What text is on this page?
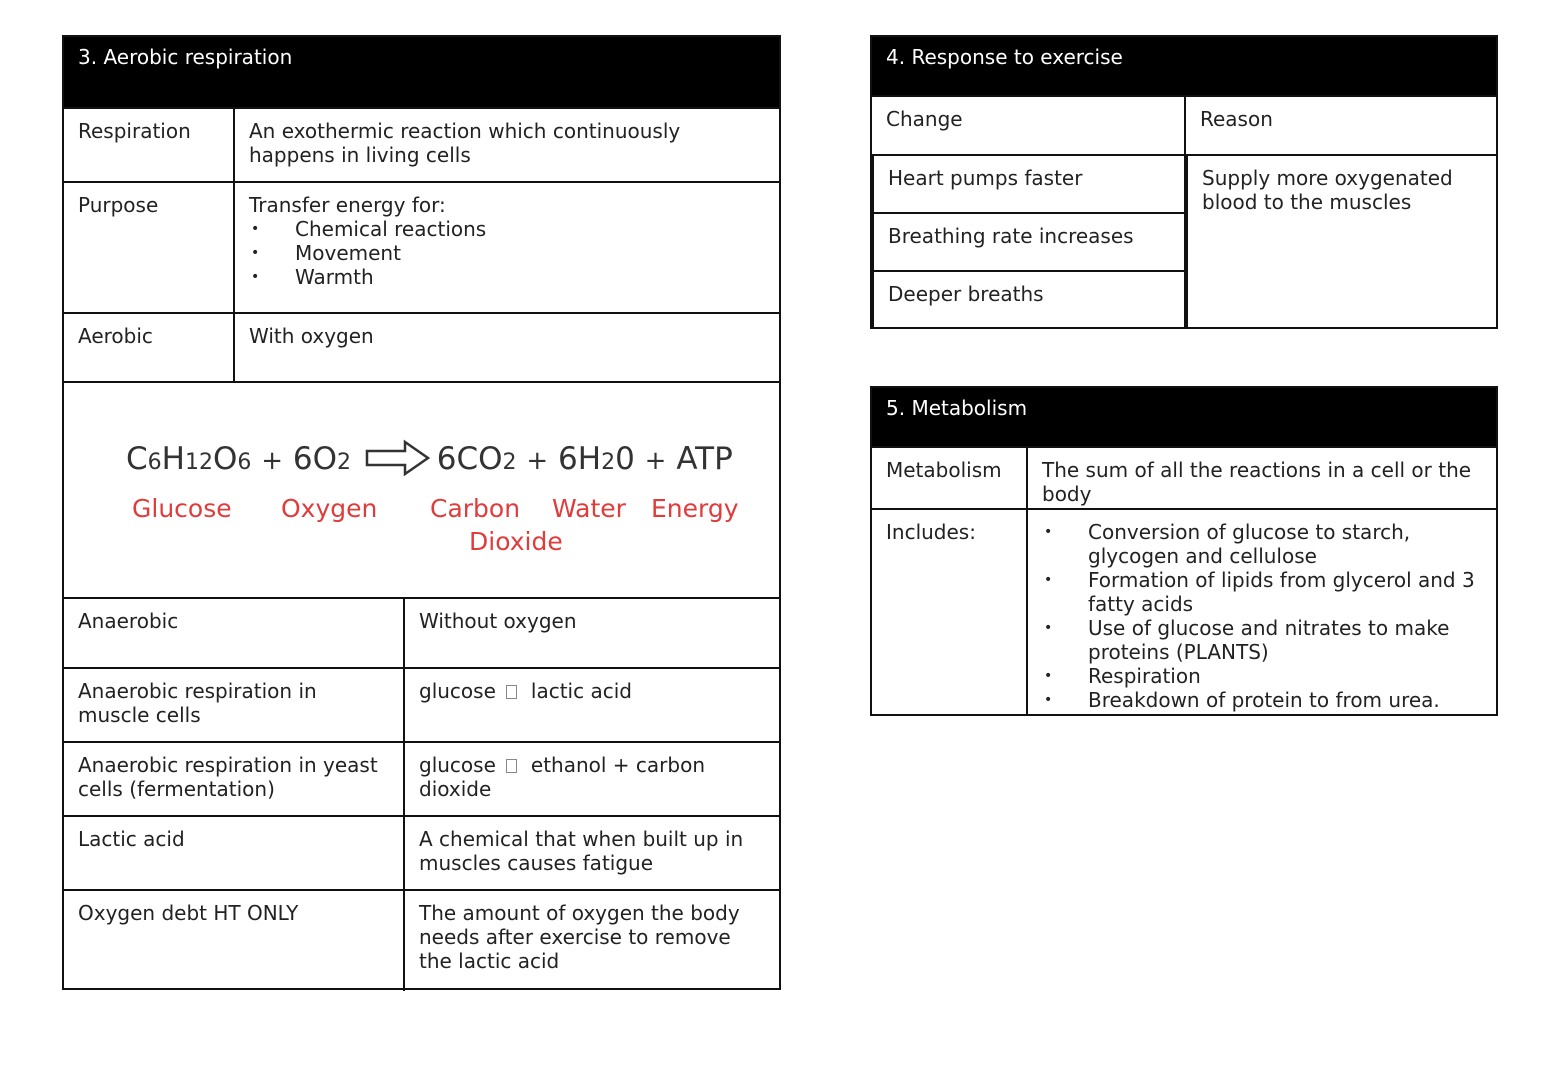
3. Aerobic respiration
Respiration	An exothermic reaction which continuously happens in living cells
Purpose	Transfer energy for:
• Chemical reactions
• Movement
• Warmth
Aerobic	With oxygen
C6H12O6 + 6O2	6CO2 + 6H20 + ATP
Glucose Oxygen Carbon Water Energy
Dioxide
Anaerobic	Without oxygen
Anaerobic respiration in muscle cells
glucose lactic acid
Anaerobic respiration in yeast cells (fermentation)
glucose ethanol + carbon
dioxide
Lactic acid	A chemical that when built up in muscles causes fatigue
Oxygen debt HT ONLY	The amount of oxygen the body needs after exercise to remove the lactic acid
4. Response to exercise
Change
Heart pumps faster
Breathing rate increases
Deeper breaths
Reason
Supply more oxygenated blood to the muscles
5. Metabolism
Metabolism	The sum of all the reactions in a cell or the body
Includes:
•	Conversion of glucose to starch, glycogen and cellulose
• Formation of lipids from glycerol and 3 fatty acids
• Use of glucose and nitrates to make proteins (PLANTS)
• Respiration
• Breakdown of protein to from urea.
